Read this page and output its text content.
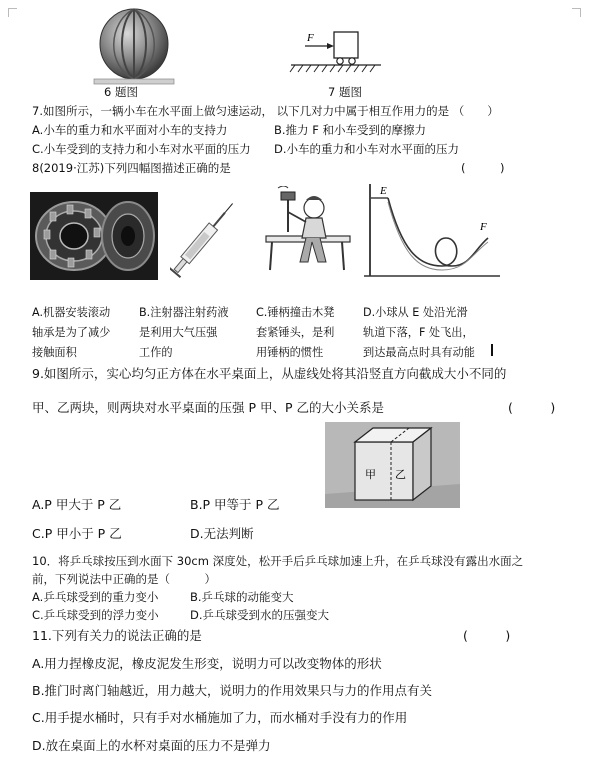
6 题图
F
7 题图
7.如图所示，一辆小车在水平面上做匀速运动， 以下几对力中属于相互作用力的是 （　　）
A.小车的重力和水平面对小车的支持力	B.推力 F 和小车受到的摩擦力
C.小车受到的支持力和小车对水平面的压力 D.小车的重力和小车对水平面的压力
8(2019·江苏)下列四幅图描述正确的是	(　　　)
E
F
A.机器安装滚动
轴承是为了减少
接触面积
B.注射器注射药液
是利用大气压强
工作的
C.锤柄撞击木凳
套紧锤头，是利
用锤柄的惯性
D.小球从 E 处沿光滑
轨道下落，F 处飞出，
到达最高点时具有动能
9.如图所示，实心均匀正方体在水平桌面上，从虚线处将其沿竖直方向截成大小不同的
甲、乙两块，则两块对水平桌面的压强 P 甲、P 乙的大小关系是	(　　　)
甲 乙
A.P 甲大于 P 乙	B.P 甲等于 P 乙
C.P 甲小于 P 乙	D.无法判断
10．将乒乓球按压到水面下 30cm 深度处，松开手后乒乓球加速上升，在乒乓球没有露出水面之
前，下列说法中正确的是（　　　）
A.乒乓球受到的重力变小	B.乒乓球的动能变大
C.乒乓球受到的浮力变小	D.乒乓球受到水的压强变大
11.下列有关力的说法正确的是	(　　　)
A.用力捏橡皮泥，橡皮泥发生形变，说明力可以改变物体的形状
B.推门时离门轴越近，用力越大，说明力的作用效果只与力的作用点有关
C.用手提水桶时，只有手对水桶施加了力，而水桶对手没有力的作用
D.放在桌面上的水杯对桌面的压力不是弹力
